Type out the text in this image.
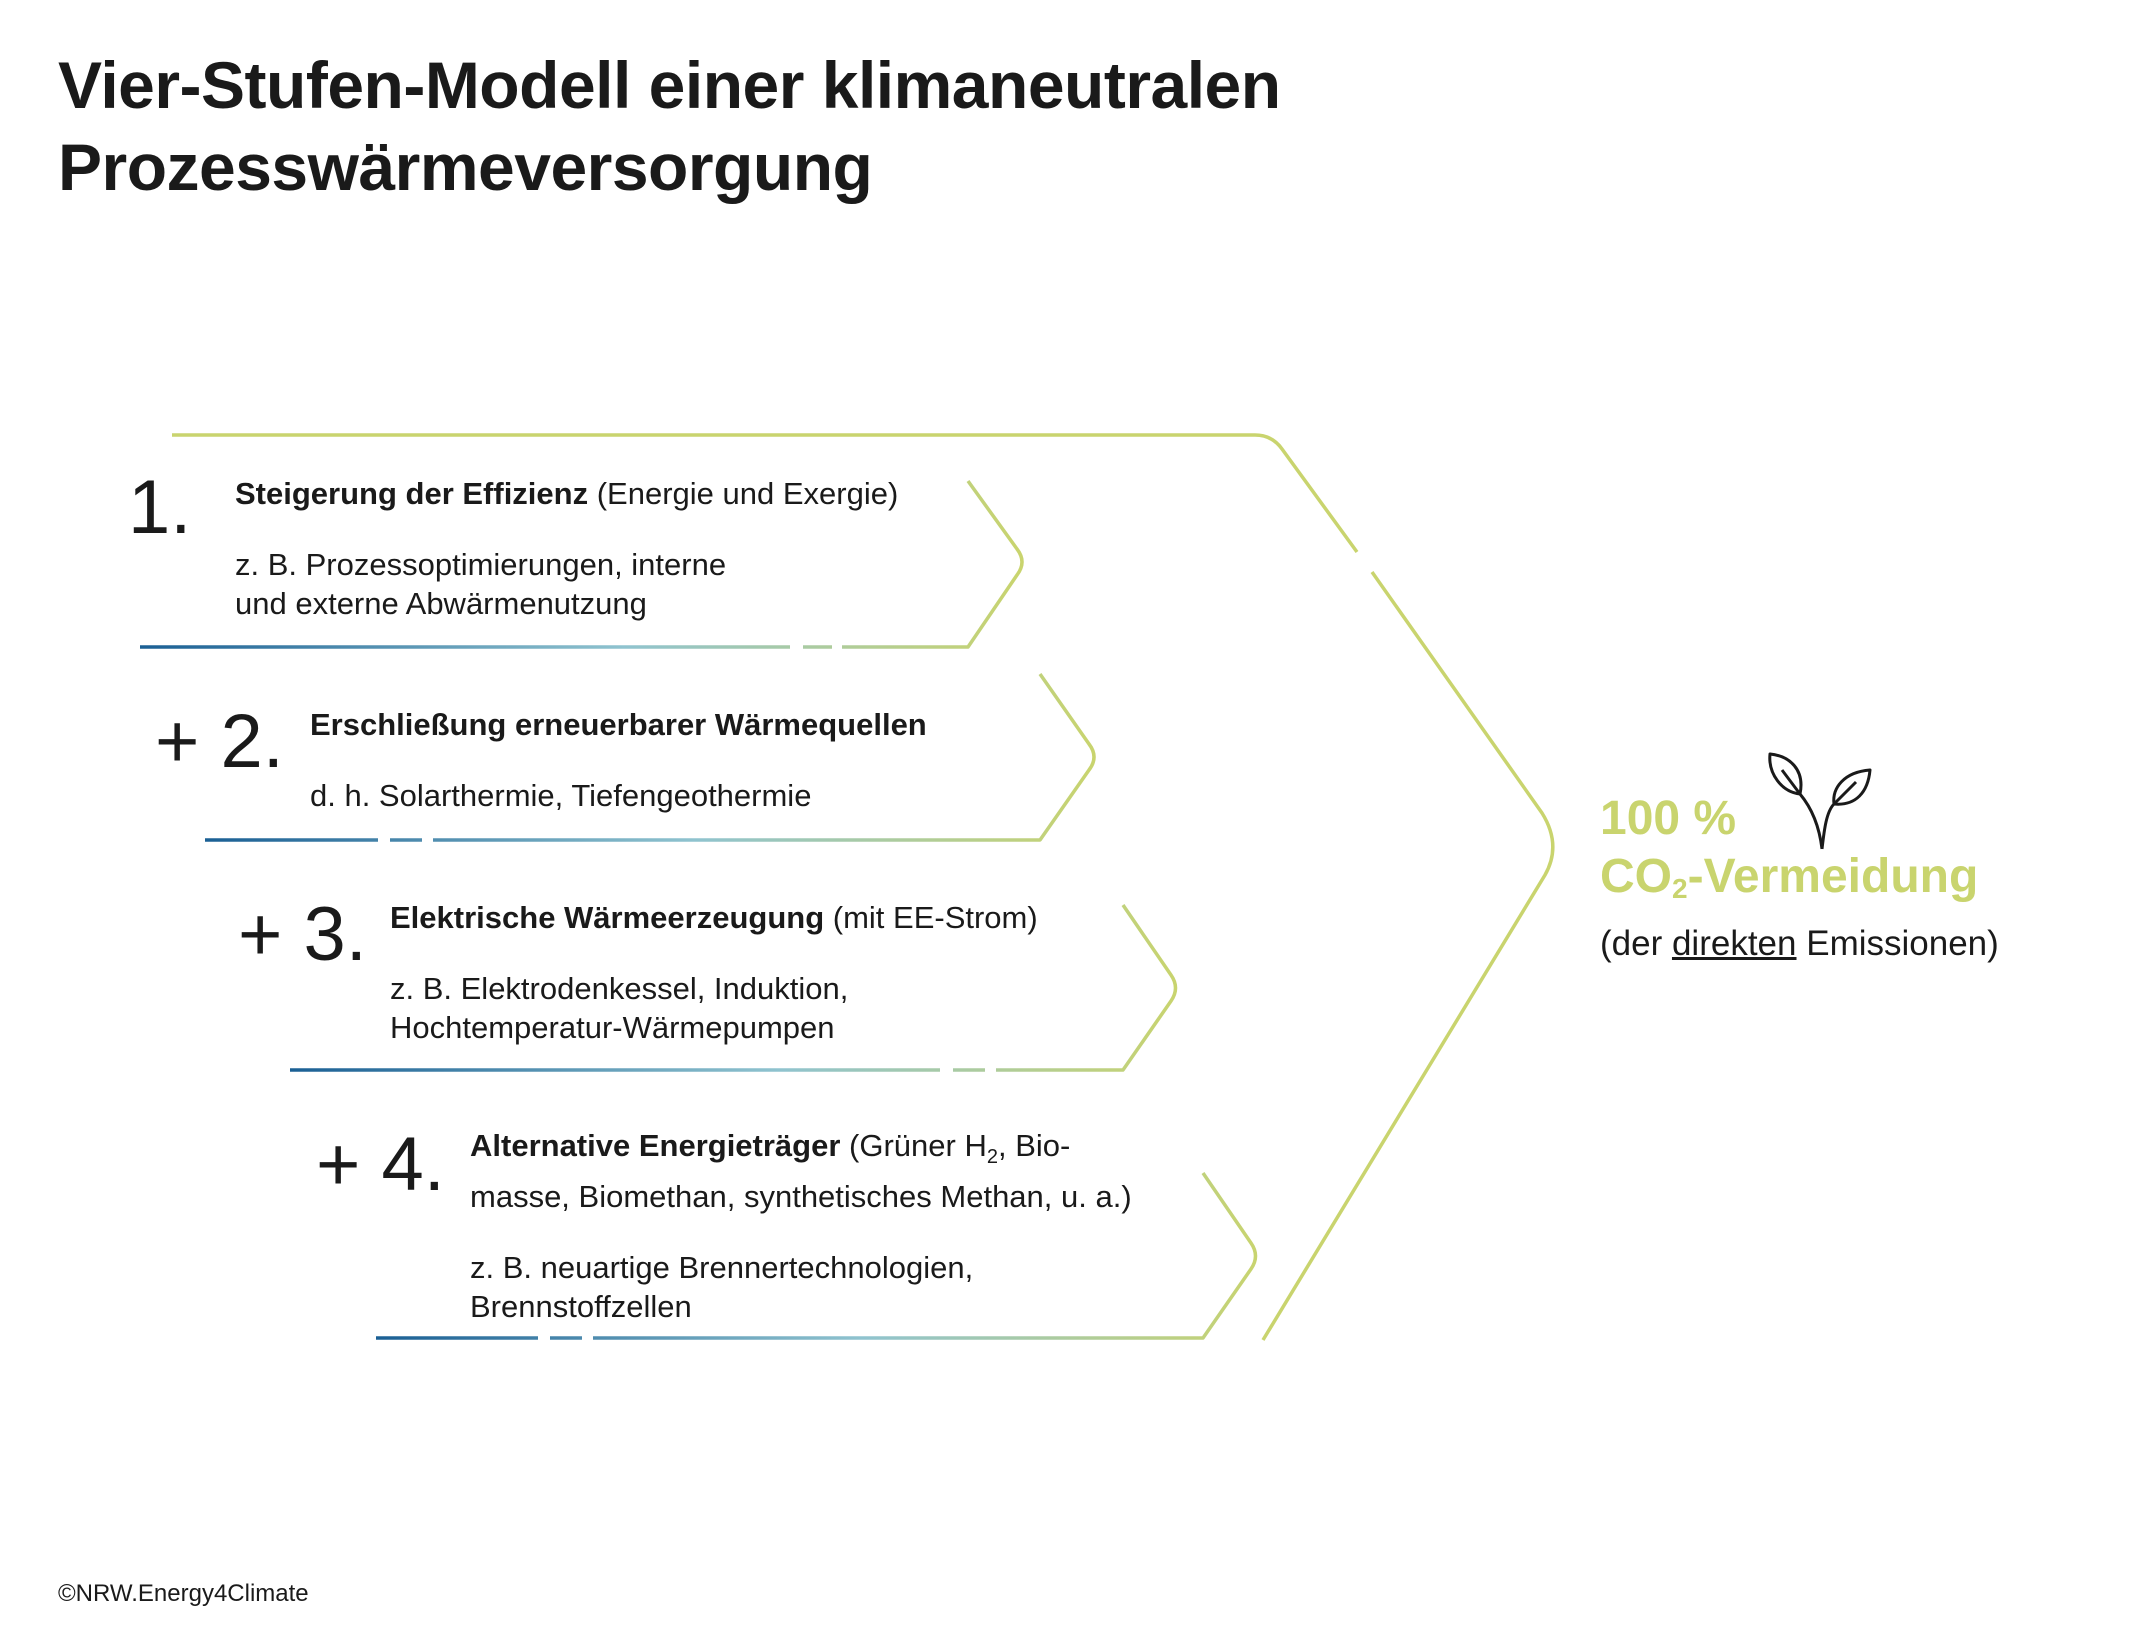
Vier-Stufen-Modell einer klimaneutralen
Prozesswärmeversorgung
1. Steigerung der Effizienz (Energie und Exergie)
z. B. Prozessoptimierungen, interne
und externe Abwärmenutzung
+ 2. Erschließung erneuerbarer Wärmequellen
d. h. Solarthermie, Tiefengeothermie
+ 3. Elektrische Wärmeerzeugung (mit EE-Strom)
z. B. Elektrodenkessel, Induktion,
Hochtemperatur-Wärmepumpen
+ 4. Alternative Energieträger (Grüner $H_2$, Bio-
masse, Biomethan, synthetisches Methan, u. a.)
z. B. neuartige Brennertechnologien,
Brennstoffzellen
100 %
$CO_2$-Vermeidung
(der direkten Emissionen)
©NRW.Energy4Climate
